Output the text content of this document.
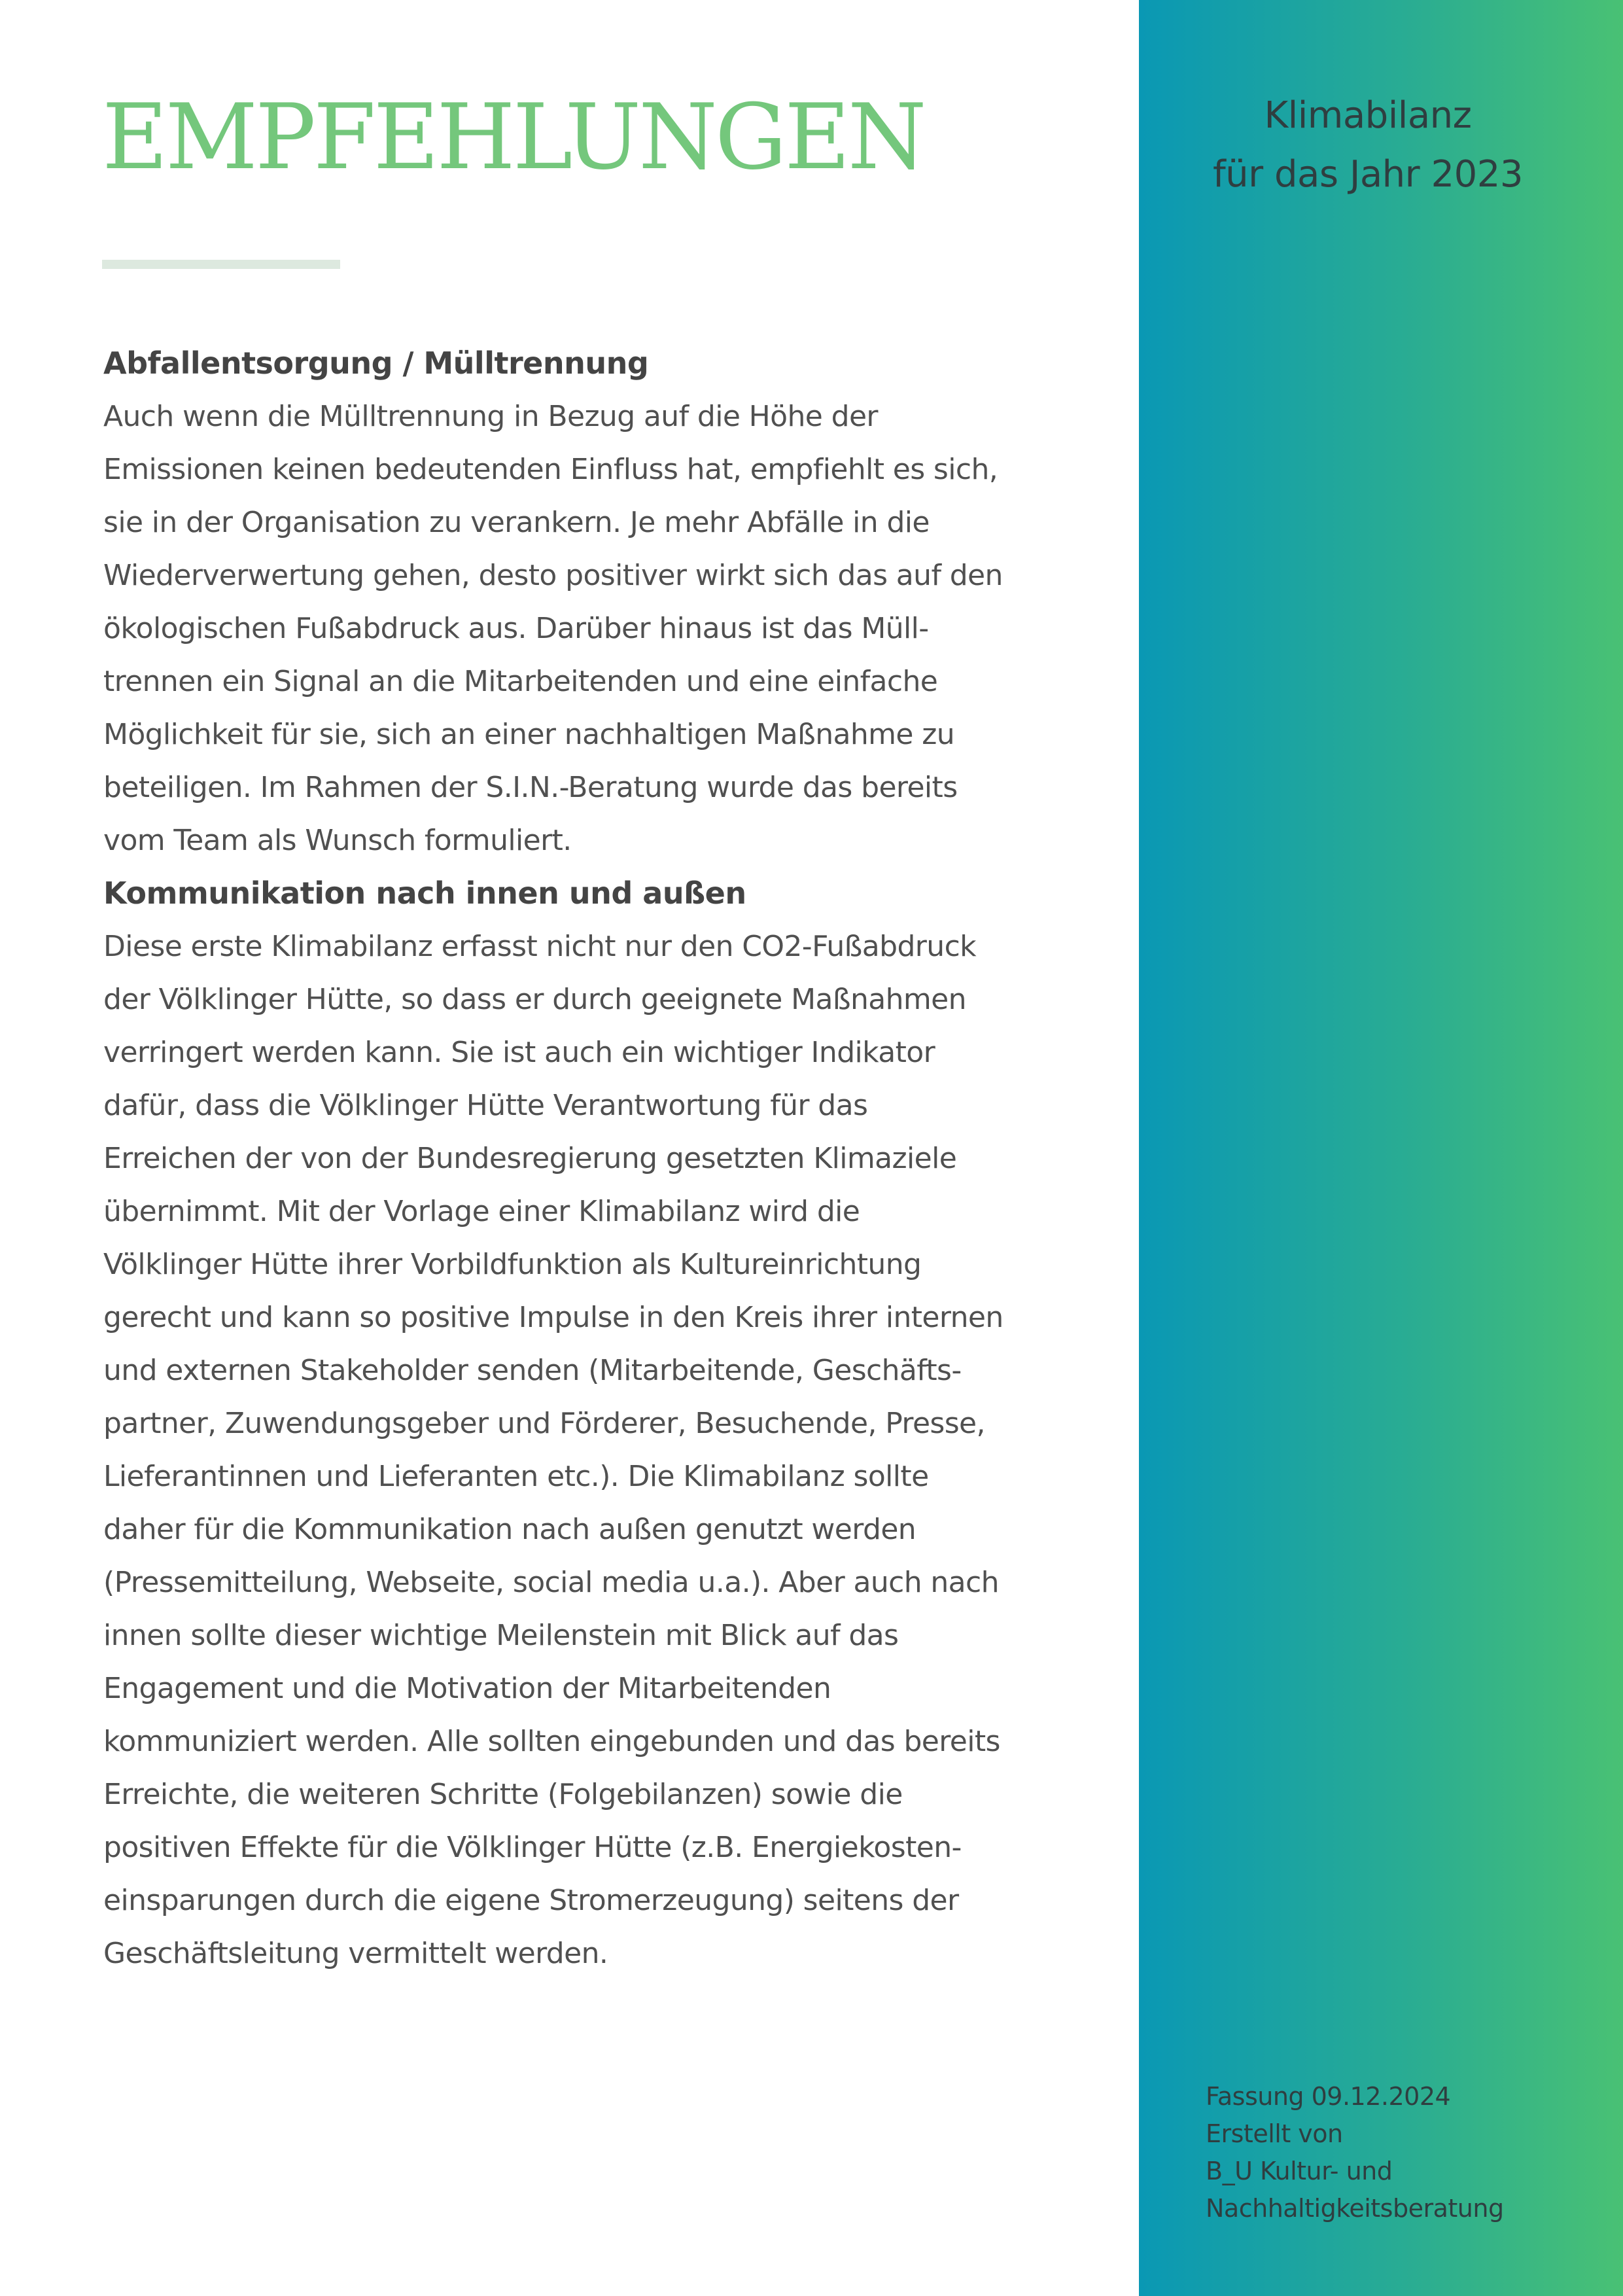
EMPFEHLUNGEN
Abfallentsorgung / Mülltrennung
Auch wenn die Mülltrennung in Bezug auf die Höhe der
Emissionen keinen bedeutenden Einfluss hat, empfiehlt es sich,
sie in der Organisation zu verankern. Je mehr Abfälle in die
Wiederverwertung gehen, desto positiver wirkt sich das auf den
ökologischen Fußabdruck aus. Darüber hinaus ist das Müll-
trennen ein Signal an die Mitarbeitenden und eine einfache
Möglichkeit für sie, sich an einer nachhaltigen Maßnahme zu
beteiligen. Im Rahmen der S.I.N.-Beratung wurde das bereits
vom Team als Wunsch formuliert.
Kommunikation nach innen und außen
Diese erste Klimabilanz erfasst nicht nur den CO2-Fußabdruck
der Völklinger Hütte, so dass er durch geeignete Maßnahmen
verringert werden kann. Sie ist auch ein wichtiger Indikator
dafür, dass die Völklinger Hütte Verantwortung für das
Erreichen der von der Bundesregierung gesetzten Klimaziele
übernimmt. Mit der Vorlage einer Klimabilanz wird die
Völklinger Hütte ihrer Vorbildfunktion als Kultureinrichtung
gerecht und kann so positive Impulse in den Kreis ihrer internen
und externen Stakeholder senden (Mitarbeitende, Geschäfts-
partner, Zuwendungsgeber und Förderer, Besuchende, Presse,
Lieferantinnen und Lieferanten etc.). Die Klimabilanz sollte
daher für die Kommunikation nach außen genutzt werden
(Pressemitteilung, Webseite, social media u.a.). Aber auch nach
innen sollte dieser wichtige Meilenstein mit Blick auf das
Engagement und die Motivation der Mitarbeitenden
kommuniziert werden. Alle sollten eingebunden und das bereits
Erreichte, die weiteren Schritte (Folgebilanzen) sowie die
positiven Effekte für die Völklinger Hütte (z.B. Energiekosten-
einsparungen durch die eigene Stromerzeugung) seitens der
Geschäftsleitung vermittelt werden.
Klimabilanz
für das Jahr 2023
Fassung 09.12.2024
Erstellt von
B_U Kultur- und
Nachhaltigkeitsberatung
